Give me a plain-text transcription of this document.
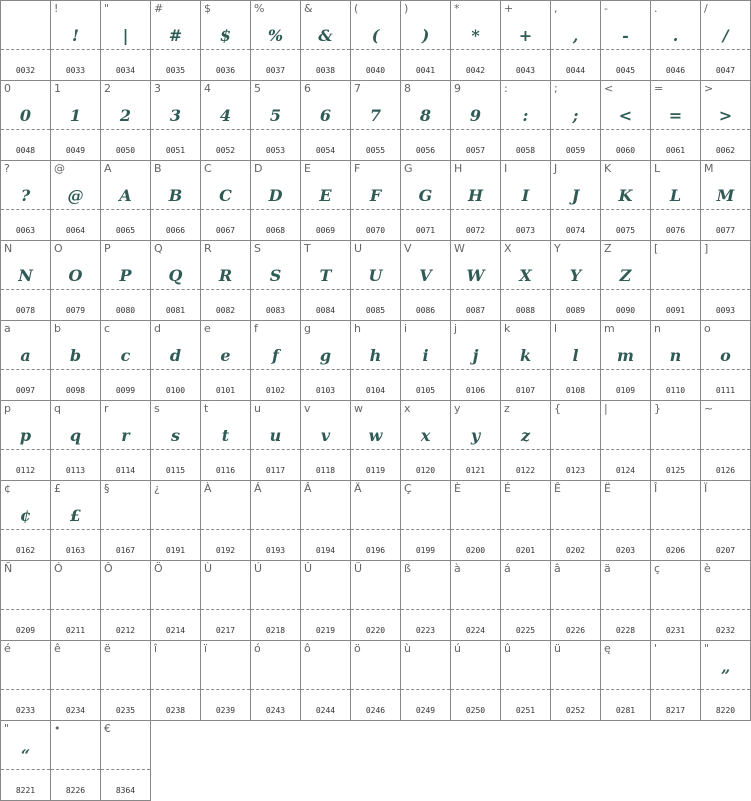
0032
!
!
0033
"
|
0034
#
#
0035
$
$
0036
%
%
0037
&
&
0038
(
(
0040
)
)
0041
*
*
0042
+
+
0043
,
,
0044
-
-
0045
.
.
0046
/
/
0047
0
0
0048
1
1
0049
2
2
0050
3
3
0051
4
4
0052
5
5
0053
6
6
0054
7
7
0055
8
8
0056
9
9
0057
:
:
0058
;
;
0059
<
<
0060
=
=
0061
>
>
0062
?
?
0063
@
@
0064
A
A
0065
B
B
0066
C
C
0067
D
D
0068
E
E
0069
F
F
0070
G
G
0071
H
H
0072
I
I
0073
J
J
0074
K
K
0075
L
L
0076
M
M
0077
N
N
0078
O
O
0079
P
P
0080
Q
Q
0081
R
R
0082
S
S
0083
T
T
0084
U
U
0085
V
V
0086
W
W
0087
X
X
0088
Y
Y
0089
Z
Z
0090
[
0091
]
0093
a
a
0097
b
b
0098
c
c
0099
d
d
0100
e
e
0101
f
f
0102
g
g
0103
h
h
0104
i
i
0105
j
j
0106
k
k
0107
l
l
0108
m
m
0109
n
n
0110
o
o
0111
p
p
0112
q
q
0113
r
r
0114
s
s
0115
t
t
0116
u
u
0117
v
v
0118
w
w
0119
x
x
0120
y
y
0121
z
z
0122
{
0123
|
0124
}
0125
~
0126
¢
¢
0162
£
£
0163
§
0167
¿
0191
À
0192
Á
0193
Â
0194
Ä
0196
Ç
0199
È
0200
É
0201
Ê
0202
Ë
0203
Î
0206
Ï
0207
Ñ
0209
Ó
0211
Ô
0212
Ö
0214
Ù
0217
Ú
0218
Û
0219
Ü
0220
ß
0223
à
0224
á
0225
â
0226
ä
0228
ç
0231
è
0232
é
0233
ê
0234
ë
0235
î
0238
ï
0239
ó
0243
ô
0244
ö
0246
ù
0249
ú
0250
û
0251
ü
0252
ę
0281
'
8217
"
”
8220
"
“
8221
•
8226
€
8364
